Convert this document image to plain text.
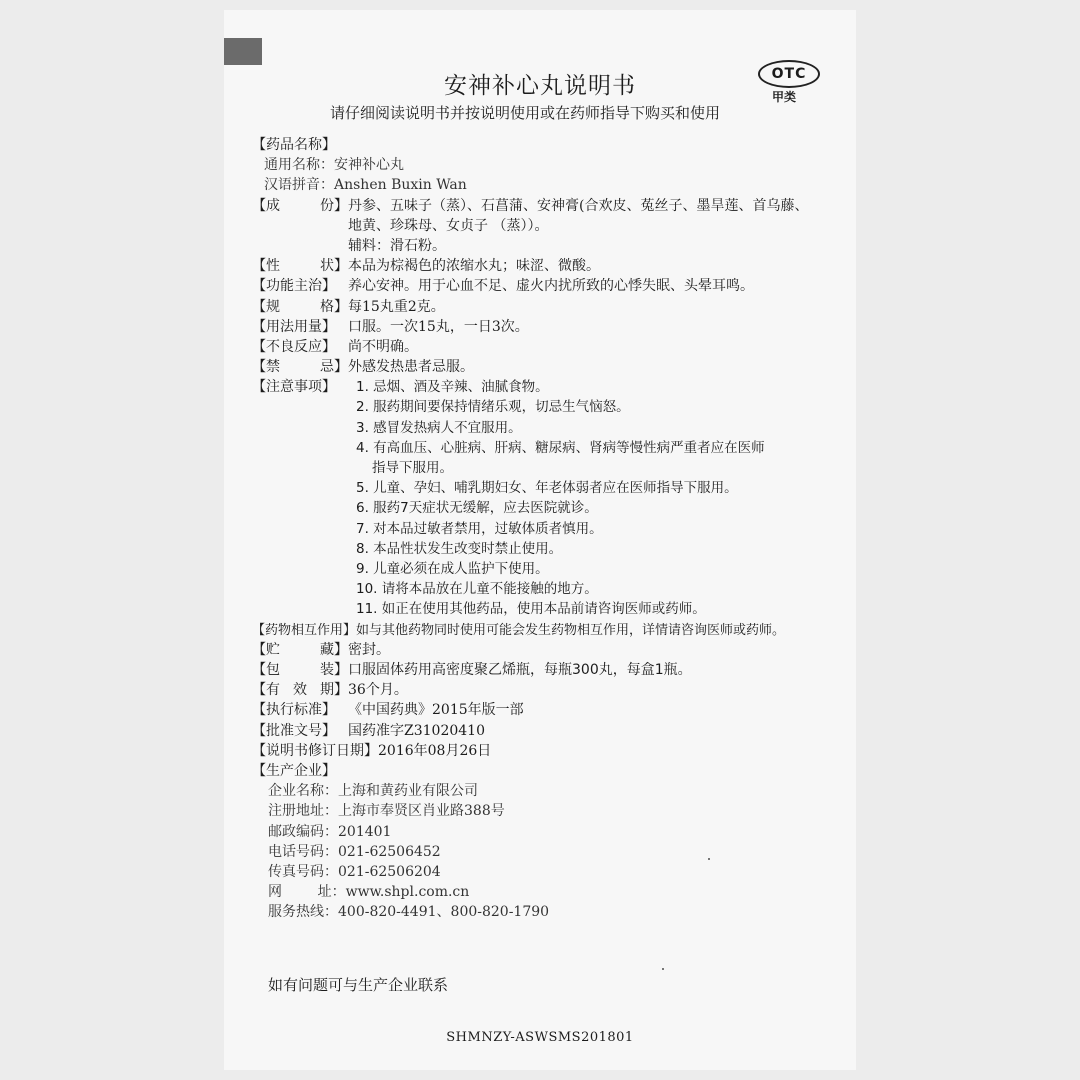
安神补心丸说明书
请仔细阅读说明书并按说明使用或在药师指导下购买和使用
OTC
甲类
【药品名称】
通用名称：安神补心丸
汉语拼音：Anshen Buxin Wan
【成	份】 丹参、五味子（蒸）、石菖蒲、安神膏(合欢皮、菟丝子、墨旱莲、首乌藤、
地黄、珍珠母、女贞子 （蒸））。
辅料：滑石粉。
【性	状】 本品为棕褐色的浓缩水丸；味涩、微酸。
【功能主治】 养心安神。用于心血不足、虚火内扰所致的心悸失眠、头晕耳鸣。
【规	格】 每15丸重2克。
【用法用量】 口服。一次15丸，一日3次。
【不良反应】 尚不明确。
【禁	忌】 外感发热患者忌服。
【注意事项】	1. 忌烟、酒及辛辣、油腻食物。
2. 服药期间要保持情绪乐观，切忌生气恼怒。
3. 感冒发热病人不宜服用。
4. 有高血压、心脏病、肝病、糖尿病、肾病等慢性病严重者应在医师
指导下服用。
5. 儿童、孕妇、哺乳期妇女、年老体弱者应在医师指导下服用。
6. 服药7天症状无缓解，应去医院就诊。
7. 对本品过敏者禁用，过敏体质者慎用。
8. 本品性状发生改变时禁止使用。
9. 儿童必须在成人监护下使用。
10. 请将本品放在儿童不能接触的地方。
11. 如正在使用其他药品，使用本品前请咨询医师或药师。
【药物相互作用】如与其他药物同时使用可能会发生药物相互作用，详情请咨询医师或药师。
【贮	藏】 密封。
【包	装】 口服固体药用高密度聚乙烯瓶，每瓶300丸，每盒1瓶。
【有 效 期】 36个月。
【执行标准】 《中国药典》2015年版一部
【批准文号】 国药准字Z31020410
【说明书修订日期】2016年08月26日
【生产企业】
企业名称：上海和黄药业有限公司
注册地址：上海市奉贤区肖业路388号
邮政编码：201401
电话号码：021-62506452
传真号码：021-62506204
网        址：www.shpl.com.cn
服务热线：400-820-4491、800-820-1790
如有问题可与生产企业联系
SHMNZY-ASWSMS201801
